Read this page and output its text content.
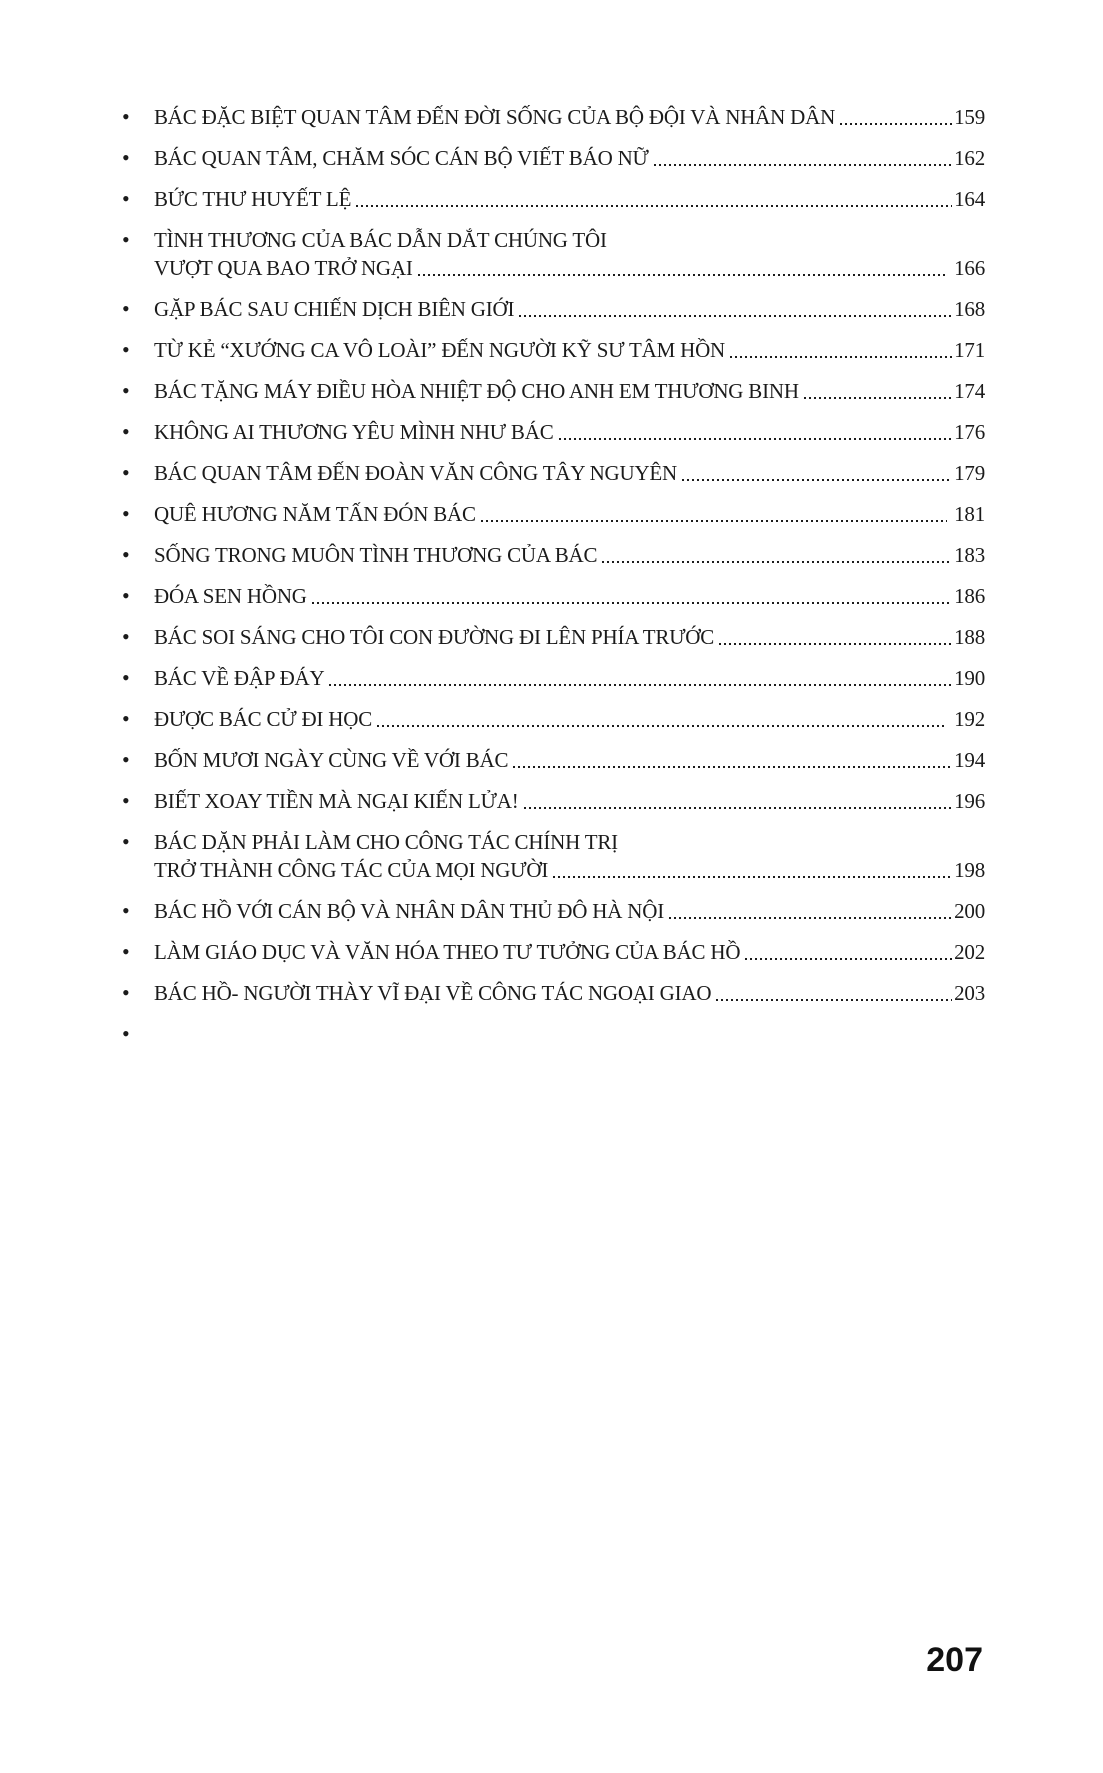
•	BÁC ĐẶC BIỆT QUAN TÂM ĐẾN ĐỜI SỐNG CỦA BỘ ĐỘI VÀ NHÂN DÂN	159
•	BÁC QUAN TÂM, CHĂM SÓC CÁN BỘ VIẾT BÁO NỮ	162
•	BỨC THƯ HUYẾT LỆ	164
•	TÌNH THƯƠNG CỦA BÁC DẪN DẮT CHÚNG TÔI
VƯỢT QUA BAO TRỞ NGẠI	166
•	GẶP BÁC SAU CHIẾN DỊCH BIÊN GIỚI	168
•	TỪ KẺ “XƯỚNG CA VÔ LOÀI” ĐẾN NGƯỜI KỸ SƯ TÂM HỒN	171
•	BÁC TẶNG MÁY ĐIỀU HÒA NHIỆT ĐỘ CHO ANH EM THƯƠNG BINH	174
•	KHÔNG AI THƯƠNG YÊU MÌNH NHƯ BÁC	176
•	BÁC QUAN TÂM ĐẾN ĐOÀN VĂN CÔNG TÂY NGUYÊN	179
•	QUÊ HƯƠNG NĂM TẤN ĐÓN BÁC	181
•	SỐNG TRONG MUÔN TÌNH THƯƠNG CỦA BÁC	183
•	ĐÓA SEN HỒNG	186
•	BÁC SOI SÁNG CHO TÔI CON ĐƯỜNG ĐI LÊN PHÍA TRƯỚC	188
•	BÁC VỀ ĐẬP ĐÁY	190
•	ĐƯỢC BÁC CỬ ĐI HỌC	192
•	BỐN MƯƠI NGÀY CÙNG VỀ VỚI BÁC	194
•	BIẾT XOAY TIỀN MÀ NGẠI KIẾN LỬA!	196
•	BÁC DẶN PHẢI LÀM CHO CÔNG TÁC CHÍNH TRỊ
TRỞ THÀNH CÔNG TÁC CỦA MỌI NGƯỜI	198
•	BÁC HỒ VỚI CÁN BỘ VÀ NHÂN DÂN THỦ ĐÔ HÀ NỘI	200
•	LÀM GIÁO DỤC VÀ VĂN HÓA THEO TƯ TƯỞNG CỦA BÁC HỒ	202
•	BÁC HỒ- NGƯỜI THÀY VĨ ĐẠI VỀ CÔNG TÁC NGOẠI GIAO	203
•
207
